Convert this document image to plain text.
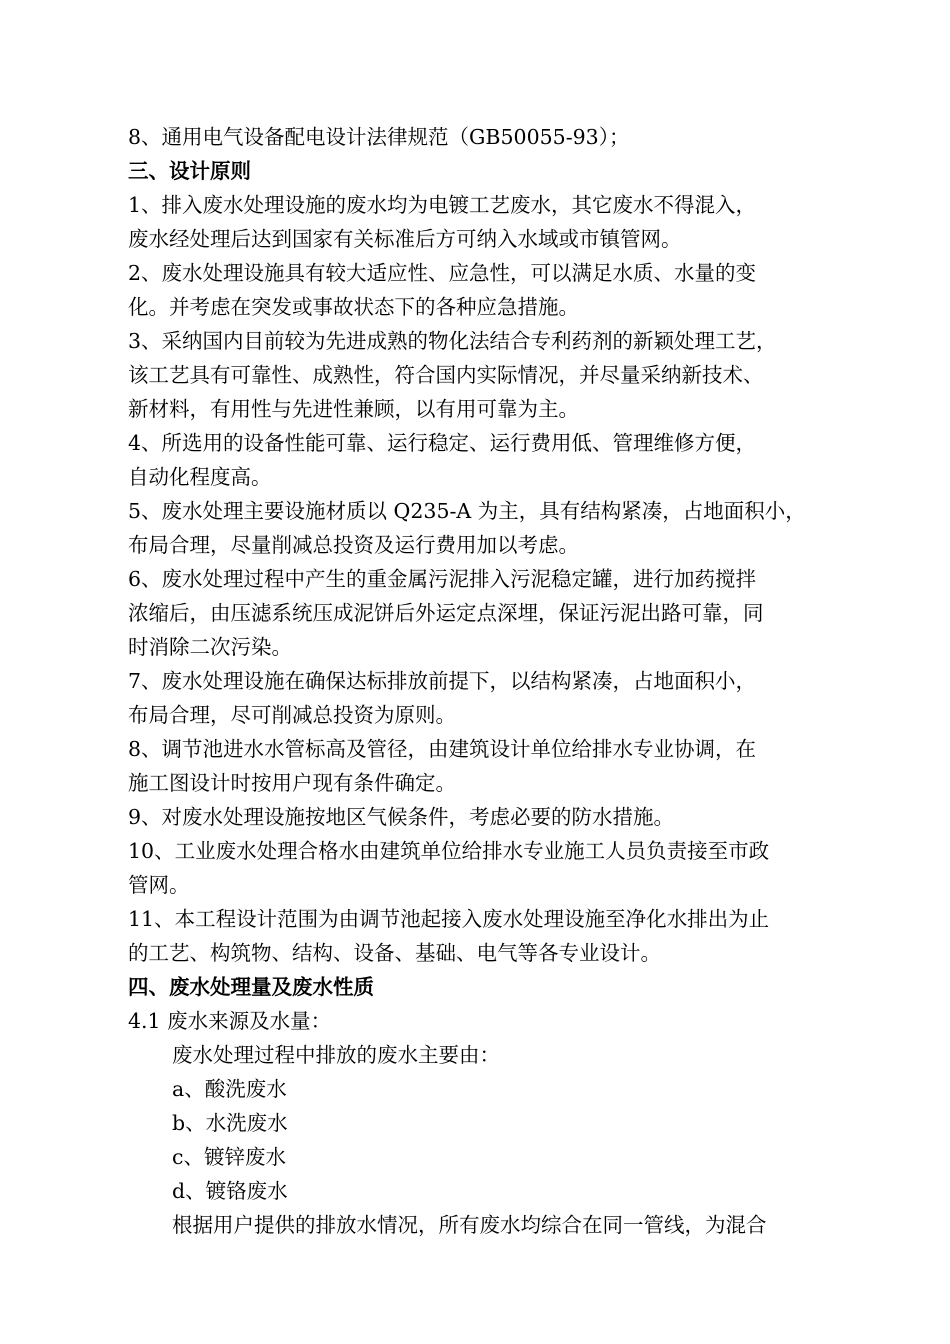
8、通用电气设备配电设计法律规范（GB50055-93）；
三、设计原则
1、排入废水处理设施的废水均为电镀工艺废水，其它废水不得混入，
废水经处理后达到国家有关标准后方可纳入水域或市镇管网。
2、废水处理设施具有较大适应性、应急性，可以满足水质、水量的变
化。并考虑在突发或事故状态下的各种应急措施。
3、采纳国内目前较为先进成熟的物化法结合专利药剂的新颖处理工艺，
该工艺具有可靠性、成熟性，符合国内实际情况，并尽量采纳新技术、
新材料，有用性与先进性兼顾，以有用可靠为主。
4、所选用的设备性能可靠、运行稳定、运行费用低、管理维修方便，
自动化程度高。
5、废水处理主要设施材质以 Q235-A 为主，具有结构紧凑，占地面积小，
布局合理，尽量削减总投资及运行费用加以考虑。
6、废水处理过程中产生的重金属污泥排入污泥稳定罐，进行加药搅拌
浓缩后，由压滤系统压成泥饼后外运定点深埋，保证污泥出路可靠，同
时消除二次污染。
7、废水处理设施在确保达标排放前提下，以结构紧凑，占地面积小，
布局合理，尽可削减总投资为原则。
8、调节池进水水管标高及管径，由建筑设计单位给排水专业协调，在
施工图设计时按用户现有条件确定。
9、对废水处理设施按地区气候条件，考虑必要的防水措施。
10、工业废水处理合格水由建筑单位给排水专业施工人员负责接至市政
管网。
11、本工程设计范围为由调节池起接入废水处理设施至净化水排出为止
的工艺、构筑物、结构、设备、基础、电气等各专业设计。
四、废水处理量及废水性质
4.1 废水来源及水量：
废水处理过程中排放的废水主要由：
a、酸洗废水
b、水洗废水
c、镀锌废水
d、镀铬废水
根据用户提供的排放水情况，所有废水均综合在同一管线，为混合
